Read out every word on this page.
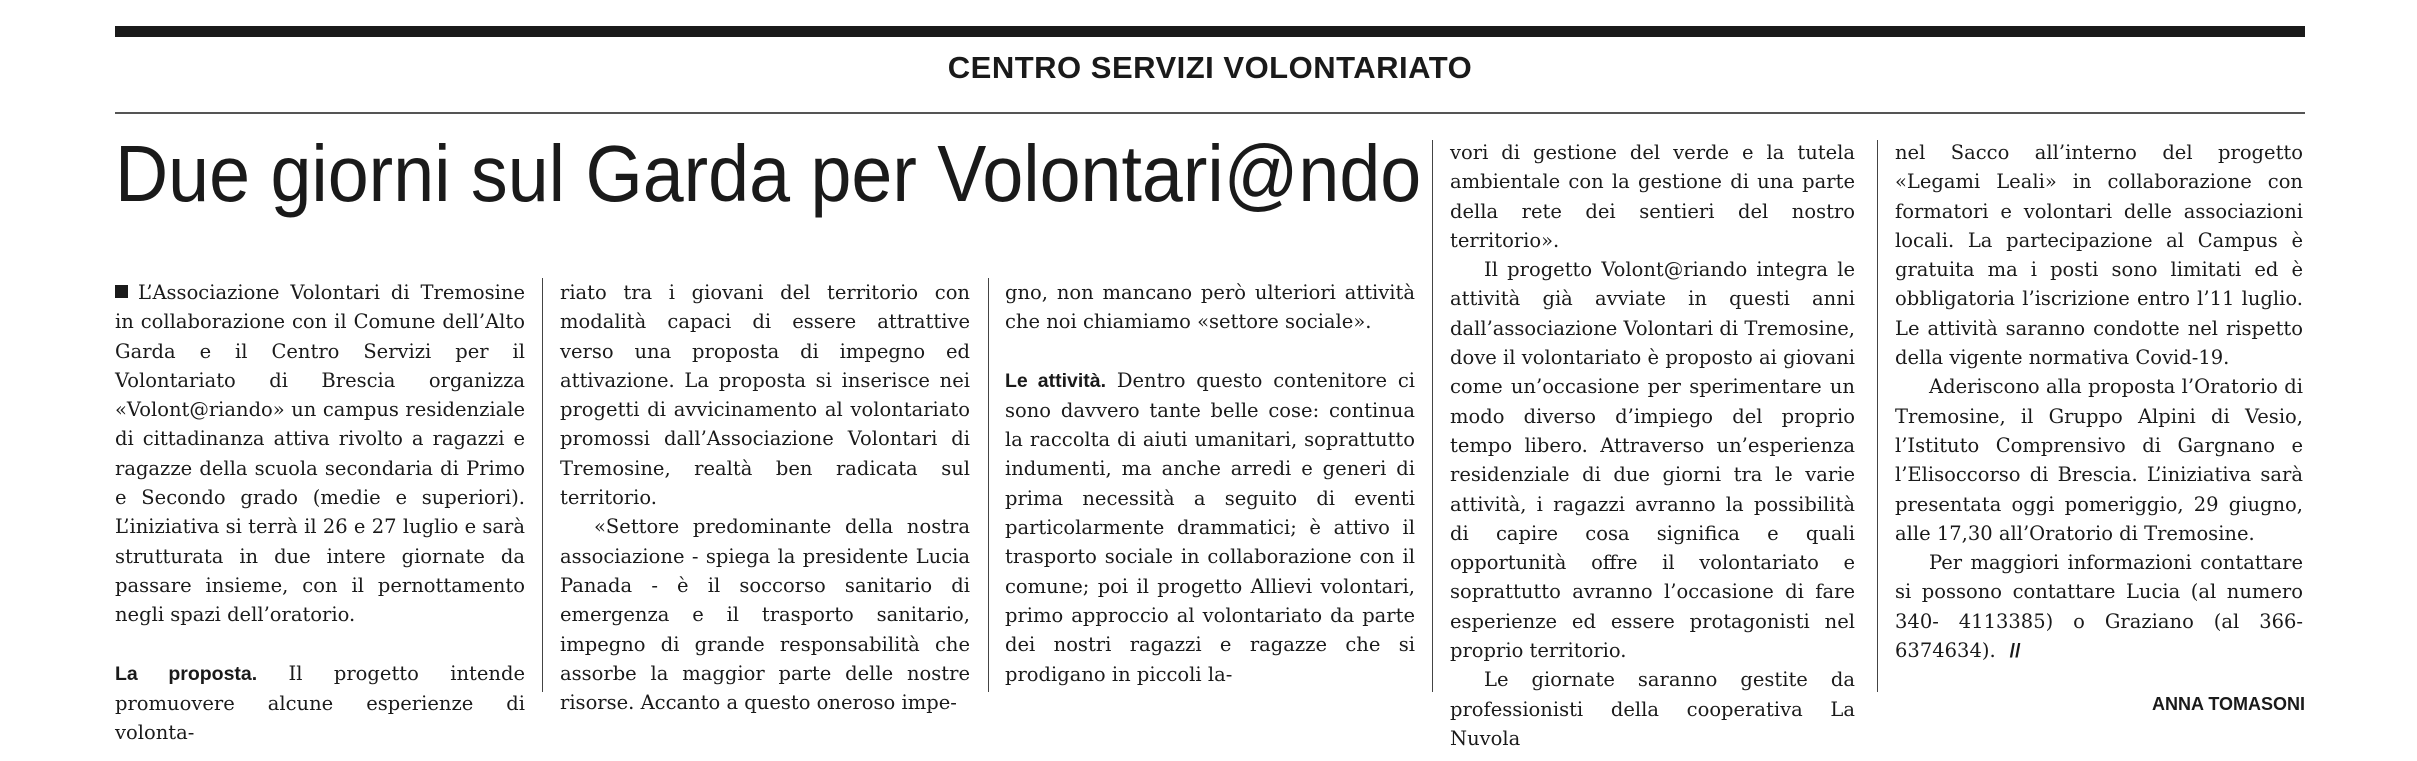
CENTRO SERVIZI VOLONTARIATO
Due giorni sul Garda per Volontari@ndo

L’Associazione Volontari di Tremosine in collaborazione con il Comune dell’Alto Garda e il Centro Servizi per il Volontariato di Brescia organizza «Volont@riando» un campus residenziale di cittadinanza attiva rivolto a ragazzi e ragazze della scuola secondaria di Primo e Secondo grado (medie e superiori). L’iniziativa si terrà il 26 e 27 luglio e sarà strutturata in due intere giornate da passare insieme, con il pernottamento negli spazi dell’oratorio.

La proposta. Il progetto intende promuovere alcune esperienze di volonta-

riato tra i giovani del territorio con modalità capaci di essere attrattive verso una proposta di impegno ed attivazione. La proposta si inserisce nei progetti di avvicinamento al volontariato promossi dall’Associazione Volontari di Tremosine, realtà ben radicata sul territorio.

«Settore predominante della nostra associazione - spiega la presidente Lucia Panada - è il soccorso sanitario di emergenza e il trasporto sanitario, impegno di grande responsabilità che assorbe la maggior parte delle nostre risorse. Accanto a questo oneroso impe-

gno, non mancano però ulteriori attività che noi chiamiamo «settore sociale».

Le attività. Dentro questo contenitore ci sono davvero tante belle cose: continua la raccolta di aiuti umanitari, soprattutto indumenti, ma anche arredi e generi di prima necessità a seguito di eventi particolarmente drammatici; è attivo il trasporto sociale in collaborazione con il comune; poi il progetto Allievi volontari, primo approccio al volontariato da parte dei nostri ragazzi e ragazze che si prodigano in piccoli la-

vori di gestione del verde e la tutela ambientale con la gestione di una parte della rete dei sentieri del nostro territorio».

Il progetto Volont@riando integra le attività già avviate in questi anni dall’associazione Volontari di Tremosine, dove il volontariato è proposto ai giovani come un’occasione per sperimentare un modo diverso d’impiego del proprio tempo libero. Attraverso un’esperienza residenziale di due giorni tra le varie attività, i ragazzi avranno la possibilità di capire cosa significa e quali opportunità offre il volontariato e soprattutto avranno l’occasione di fare esperienze ed essere protagonisti nel proprio territorio.

Le giornate saranno gestite da professionisti della cooperativa La Nuvola

nel Sacco all’interno del progetto «Legami Leali» in collaborazione con formatori e volontari delle associazioni locali. La partecipazione al Campus è gratuita ma i posti sono limitati ed è obbligatoria l’iscrizione entro l’11 luglio. Le attività saranno condotte nel rispetto della vigente normativa Covid-19.

Aderiscono alla proposta l’Oratorio di Tremosine, il Gruppo Alpini di Vesio, l’Istituto Comprensivo di Gargnano e l’Elisoccorso di Brescia. L’iniziativa sarà presentata oggi pomeriggio, 29 giugno, alle 17,30 all’Oratorio di Tremosine.

Per maggiori informazioni contattare si possono contattare Lucia (al numero 340- 4113385) o Graziano (al 366- 6374634). //

ANNA TOMASONI
